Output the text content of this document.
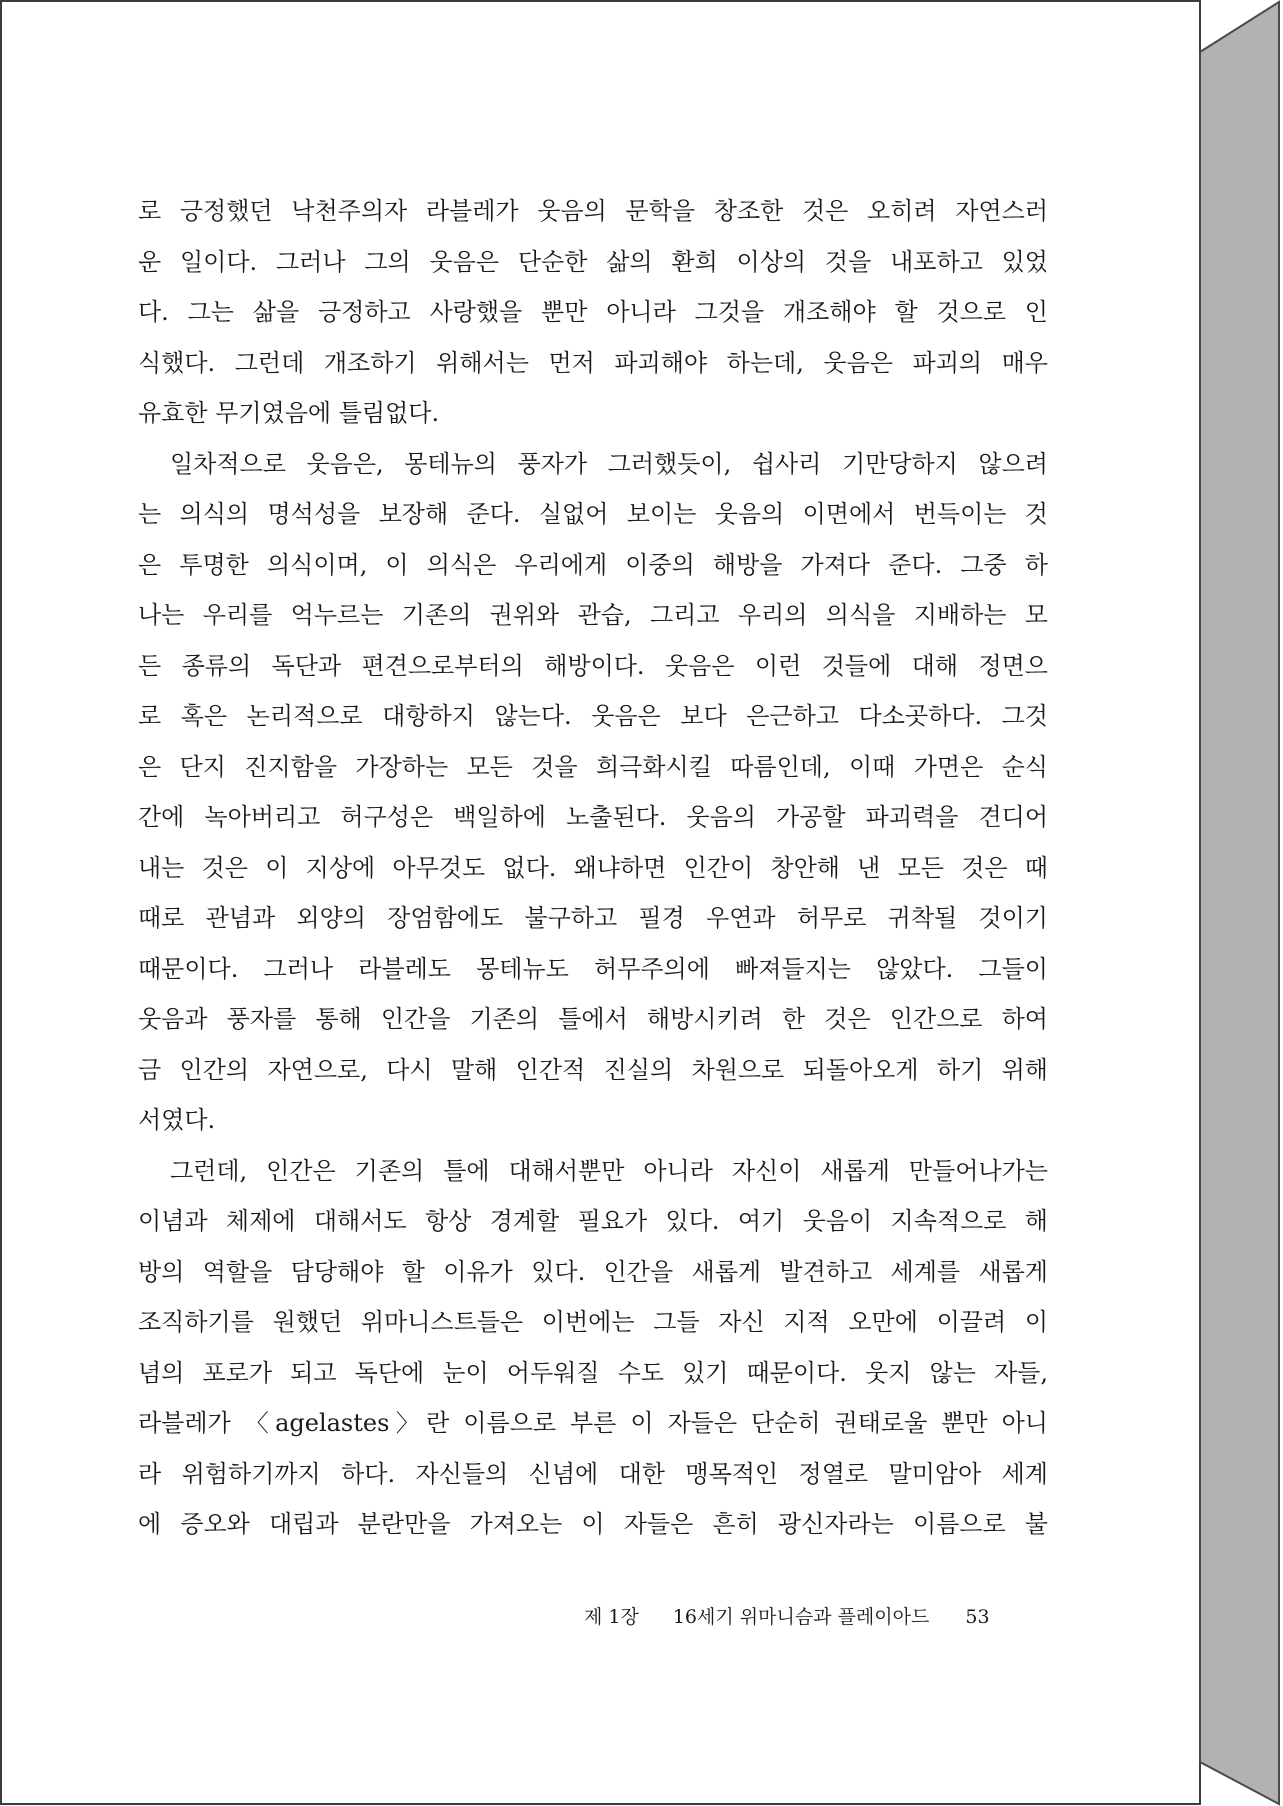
로 긍정했던 낙천주의자 라블레가 웃음의 문학을 창조한 것은 오히려 자연스러
운 일이다. 그러나 그의 웃음은 단순한 삶의 환희 이상의 것을 내포하고 있었
다. 그는 삶을 긍정하고 사랑했을 뿐만 아니라 그것을 개조해야 할 것으로 인
식했다. 그런데 개조하기 위해서는 먼저 파괴해야 하는데, 웃음은 파괴의 매우
유효한 무기였음에 틀림없다.
일차적으로 웃음은, 몽테뉴의 풍자가 그러했듯이, 쉽사리 기만당하지 않으려
는 의식의 명석성을 보장해 준다. 실없어 보이는 웃음의 이면에서 번득이는 것
은 투명한 의식이며, 이 의식은 우리에게 이중의 해방을 가져다 준다. 그중 하
나는 우리를 억누르는 기존의 권위와 관습, 그리고 우리의 의식을 지배하는 모
든 종류의 독단과 편견으로부터의 해방이다. 웃음은 이런 것들에 대해 정면으
로 혹은 논리적으로 대항하지 않는다. 웃음은 보다 은근하고 다소곳하다. 그것
은 단지 진지함을 가장하는 모든 것을 희극화시킬 따름인데, 이때 가면은 순식
간에 녹아버리고 허구성은 백일하에 노출된다. 웃음의 가공할 파괴력을 견디어
내는 것은 이 지상에 아무것도 없다. 왜냐하면 인간이 창안해 낸 모든 것은 때
때로 관념과 외양의 장엄함에도 불구하고 필경 우연과 허무로 귀착될 것이기
때문이다. 그러나 라블레도 몽테뉴도 허무주의에 빠져들지는 않았다. 그들이
웃음과 풍자를 통해 인간을 기존의 틀에서 해방시키려 한 것은 인간으로 하여
금 인간의 자연으로, 다시 말해 인간적 진실의 차원으로 되돌아오게 하기 위해
서였다.
그런데, 인간은 기존의 틀에 대해서뿐만 아니라 자신이 새롭게 만들어나가는
이념과 체제에 대해서도 항상 경계할 필요가 있다. 여기 웃음이 지속적으로 해
방의 역할을 담당해야 할 이유가 있다. 인간을 새롭게 발견하고 세계를 새롭게
조직하기를 원했던 위마니스트들은 이번에는 그들 자신 지적 오만에 이끌려 이
념의 포로가 되고 독단에 눈이 어두워질 수도 있기 때문이다. 웃지 않는 자들,
라블레가 〈agelastes〉란 이름으로 부른 이 자들은 단순히 권태로울 뿐만 아니
라 위험하기까지 하다. 자신들의 신념에 대한 맹목적인 정열로 말미암아 세계
에 증오와 대립과 분란만을 가져오는 이 자들은 흔히 광신자라는 이름으로 불
제 1장 16세기 위마니슴과 플레이아드 53
